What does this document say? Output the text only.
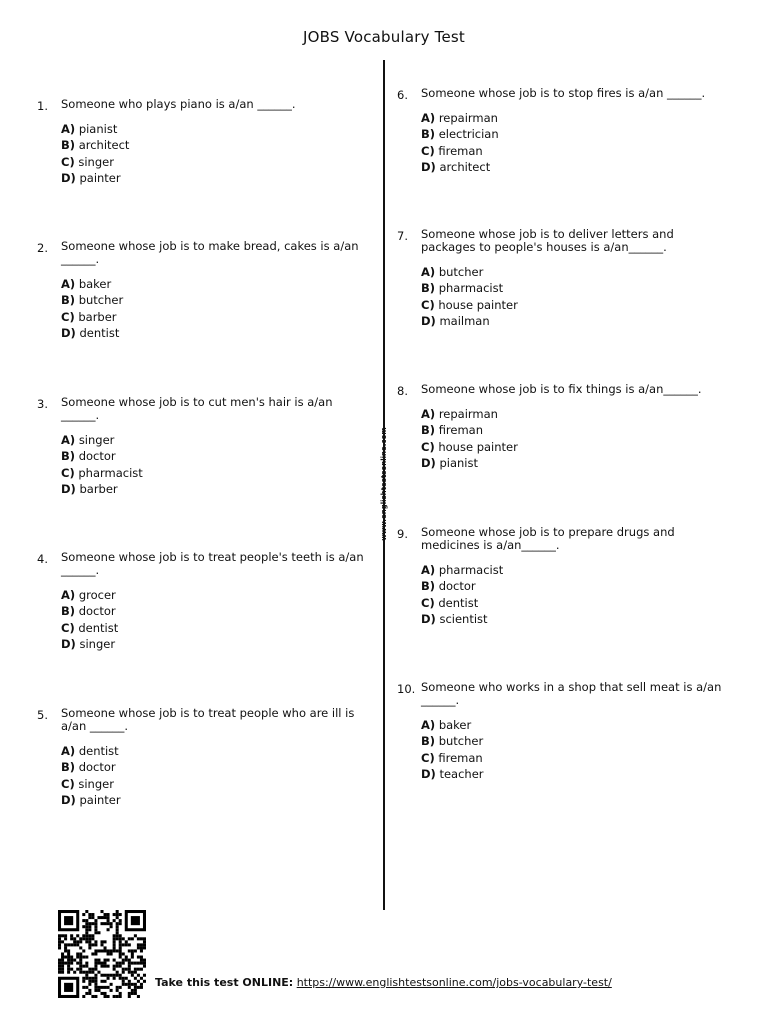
JOBS Vocabulary Test
www.englishtestsonline.com
1. Someone who plays piano is a/an ______.
A) pianist
B) architect
C) singer
D) painter
2. Someone whose job is to make bread, cakes is a/an ______.
A) baker
B) butcher
C) barber
D) dentist
3. Someone whose job is to cut men's hair is a/an ______.
A) singer
B) doctor
C) pharmacist
D) barber
4. Someone whose job is to treat people's teeth is a/an ______.
A) grocer
B) doctor
C) dentist
D) singer
5. Someone whose job is to treat people who are ill is a/an ______.
A) dentist
B) doctor
C) singer
D) painter
6. Someone whose job is to stop fires is a/an ______.
A) repairman
B) electrician
C) fireman
D) architect
7. Someone whose job is to deliver letters and packages to people's houses is a/an______.
A) butcher
B) pharmacist
C) house painter
D) mailman
8. Someone whose job is to fix things is a/an______.
A) repairman
B) fireman
C) house painter
D) pianist
9. Someone whose job is to prepare drugs and medicines is a/an______.
A) pharmacist
B) doctor
C) dentist
D) scientist
10. Someone who works in a shop that sell meat is a/an ______.
A) baker
B) butcher
C) fireman
D) teacher
Take this test ONLINE: https://www.englishtestsonline.com/jobs-vocabulary-test/
